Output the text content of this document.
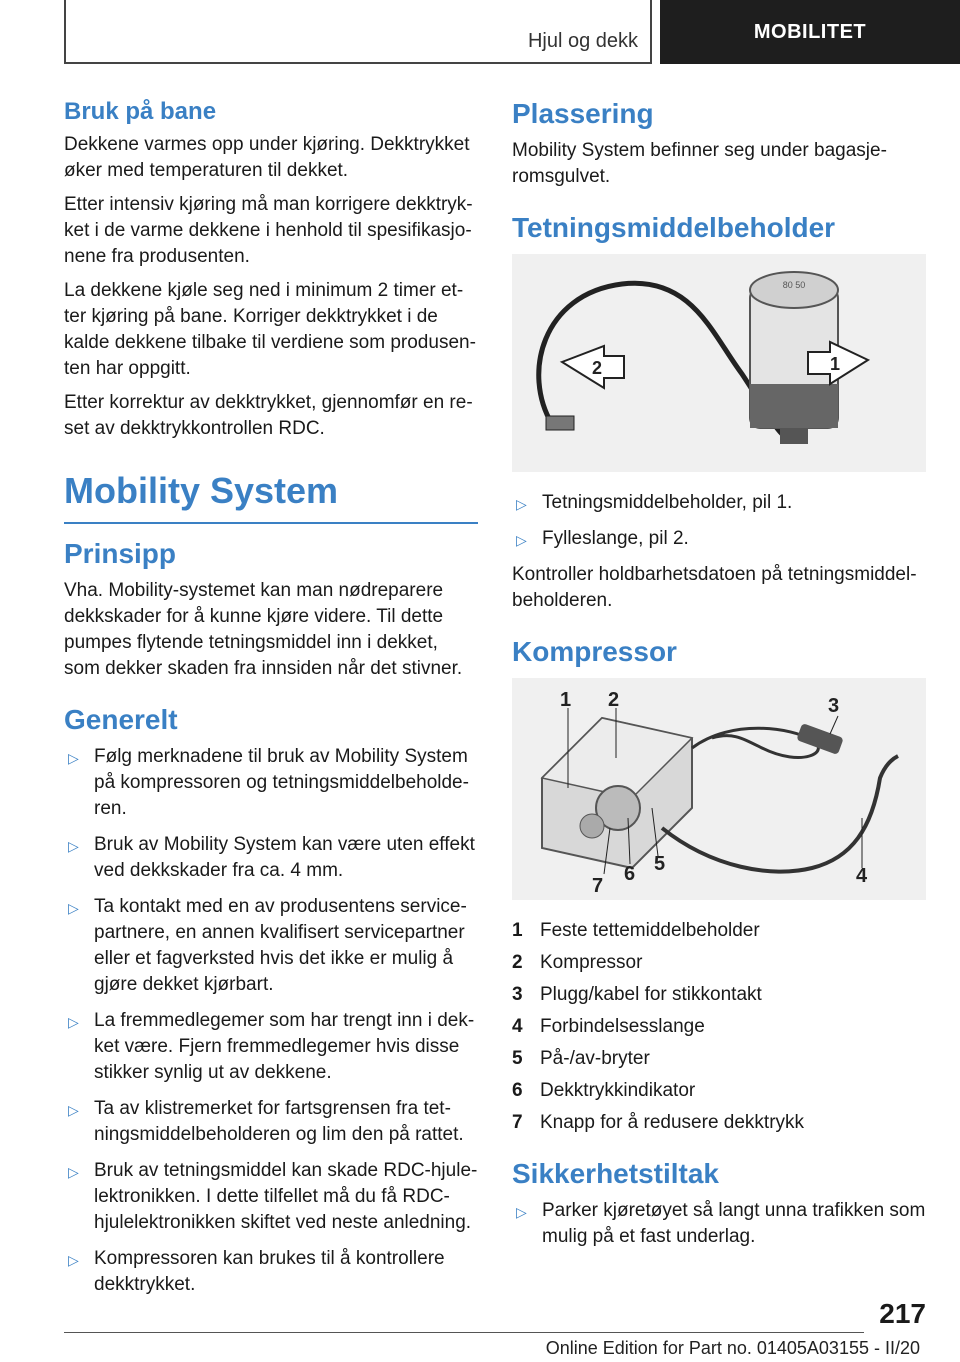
Hjul og dekk	MOBILITET
Bruk på bane

Dekkene varmes opp under kjøring. Dekktrykket øker med temperaturen til dekket.

Etter intensiv kjøring må man korrigere dekktrykket i de varme dekkene i henhold til spesifikasjonene fra produsenten.

La dekkene kjøle seg ned i minimum 2 timer etter kjøring på bane. Korriger dekktrykket i de kalde dekkene tilbake til verdiene som produsenten har oppgitt.

Etter korrektur av dekktrykket, gjennomfør en reset av dekktrykkontrollen RDC.

Mobility System
Prinsipp

Vha. Mobility-systemet kan man nødreparere dekkskader for å kunne kjøre videre. Til dette pumpes flytende tetningsmiddel inn i dekket, som dekker skaden fra innsiden når det stivner.

Generelt
▷ Følg merknadene til bruk av Mobility System på kompressoren og tetningsmiddelbeholderen.
▷ Bruk av Mobility System kan være uten effekt ved dekkskader fra ca. 4 mm.
▷ Ta kontakt med en av produsentens servicepartnere, en annen kvalifisert servicepartner eller et fagverksted hvis det ikke er mulig å gjøre dekket kjørbart.
▷ La fremmedlegemer som har trengt inn i dekket være. Fjern fremmedlegemer hvis disse stikker synlig ut av dekkene.
▷ Ta av klistremerket for fartsgrensen fra tetningsmiddelbeholderen og lim den på rattet.
▷ Bruk av tetningsmiddel kan skade RDC-hjulelektronikken. I dette tilfellet må du få RDC-hjulelektronikken skiftet ved neste anledning.
▷ Kompressoren kan brukes til å kontrollere dekktrykket.
Plassering

Mobility System befinner seg under bagasjeromsgulvet.

Tetningsmiddelbeholder
80 50
2	1
▷ Tetningsmiddelbeholder, pil 1.
▷ Fylleslange, pil 2.

Kontroller holdbarhetsdatoen på tetningsmiddelbeholderen.

Kompressor
1 2	3
4
5
6
7
1 Feste tettemiddelbeholder
2 Kompressor
3 Plugg/kabel for stikkontakt
4 Forbindelsesslange
5 På-/av-bryter
6 Dekktrykkindikator
7 Knapp for å redusere dekktrykk
Sikkerhetstiltak
▷ Parker kjøretøyet så langt unna trafikken som mulig på et fast underlag.
217
Online Edition for Part no. 01405A03155 - II/20
